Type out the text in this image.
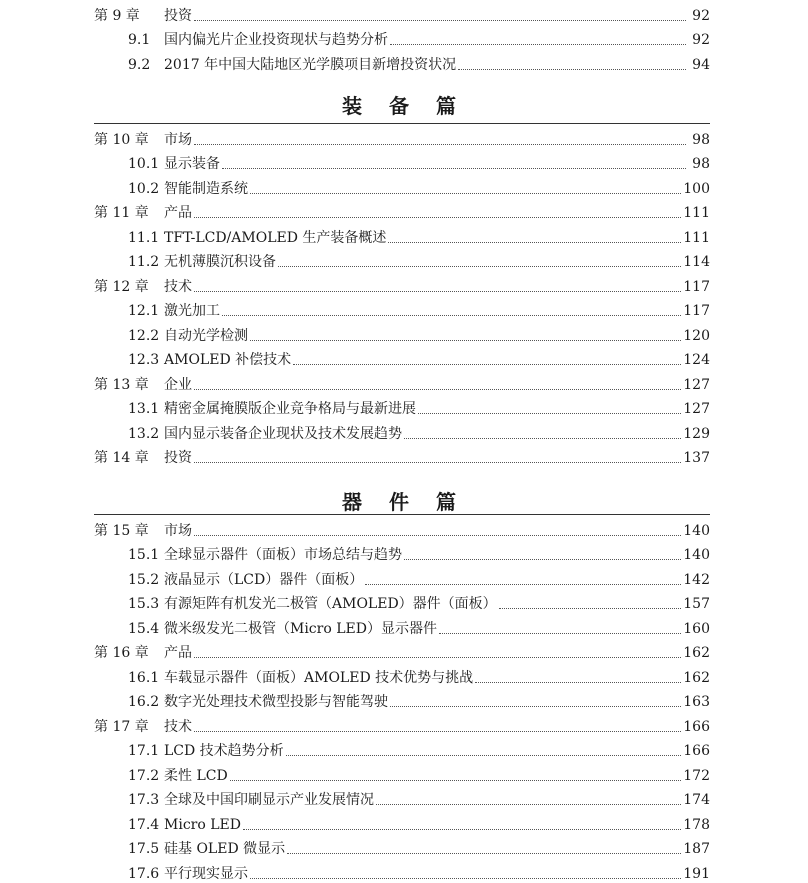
第 9 章	投资	92
9.1 国内偏光片企业投资现状与趋势分析	92
9.2 2017 年中国大陆地区光学膜项目新增投资状况	94
装 备 篇
第 10 章	市场	98
10.1 显示装备	98
10.2 智能制造系统	100
第 11 章	产品	111
11.1 TFT-LCD/AMOLED 生产装备概述	111
11.2 无机薄膜沉积设备	114
第 12 章	技术	117
12.1 激光加工	117
12.2 自动光学检测	120
12.3 AMOLED 补偿技术	124
第 13 章	企业	127
13.1 精密金属掩膜版企业竞争格局与最新进展	127
13.2 国内显示装备企业现状及技术发展趋势	129
第 14 章	投资	137
器 件 篇
第 15 章	市场	140
15.1 全球显示器件（面板）市场总结与趋势	140
15.2 液晶显示（LCD）器件（面板）	142
15.3 有源矩阵有机发光二极管（AMOLED）器件（面板）	157
15.4 微米级发光二极管（Micro LED）显示器件	160
第 16 章	产品	162
16.1 车载显示器件（面板）AMOLED 技术优势与挑战	162
16.2 数字光处理技术微型投影与智能驾驶	163
第 17 章	技术	166
17.1 LCD 技术趋势分析	166
17.2 柔性 LCD	172
17.3 全球及中国印刷显示产业发展情况	174
17.4 Micro LED	178
17.5 硅基 OLED 微显示	187
17.6 平行现实显示	191
